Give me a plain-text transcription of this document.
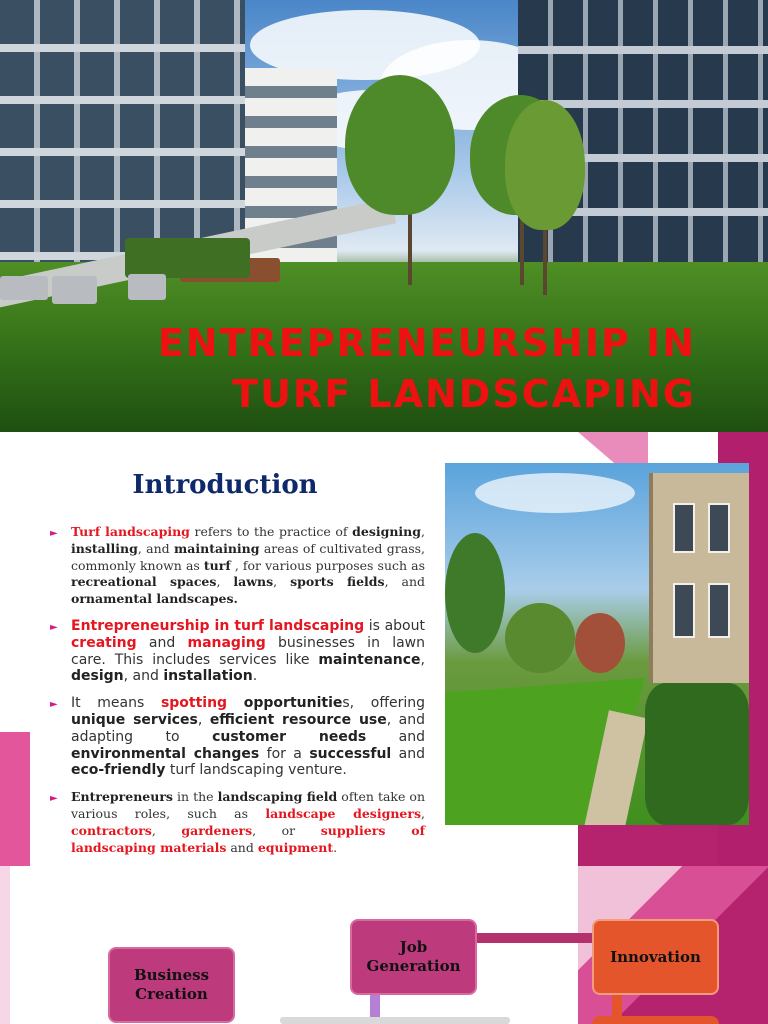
ENTREPRENEURSHIP IN
TURF LANDSCAPING
Introduction

► Turf landscaping refers to the practice of designing, installing, and maintaining areas of cultivated grass, commonly known as turf , for various purposes such as recreational spaces, lawns, sports fields, and ornamental landscapes.

► Entrepreneurship in turf landscaping is about creating and managing businesses in lawn care. This includes services like maintenance, design, and installation.

► It means spotting opportunities, offering unique services, efficient resource use, and adapting to customer needs and environmental changes for a successful and eco-friendly turf landscaping venture.

► Entrepreneurs in the landscaping field often take on various roles, such as landscape designers, contractors, gardeners, or suppliers of landscaping materials and equipment.

Business Creation
Job Generation
Innovation
